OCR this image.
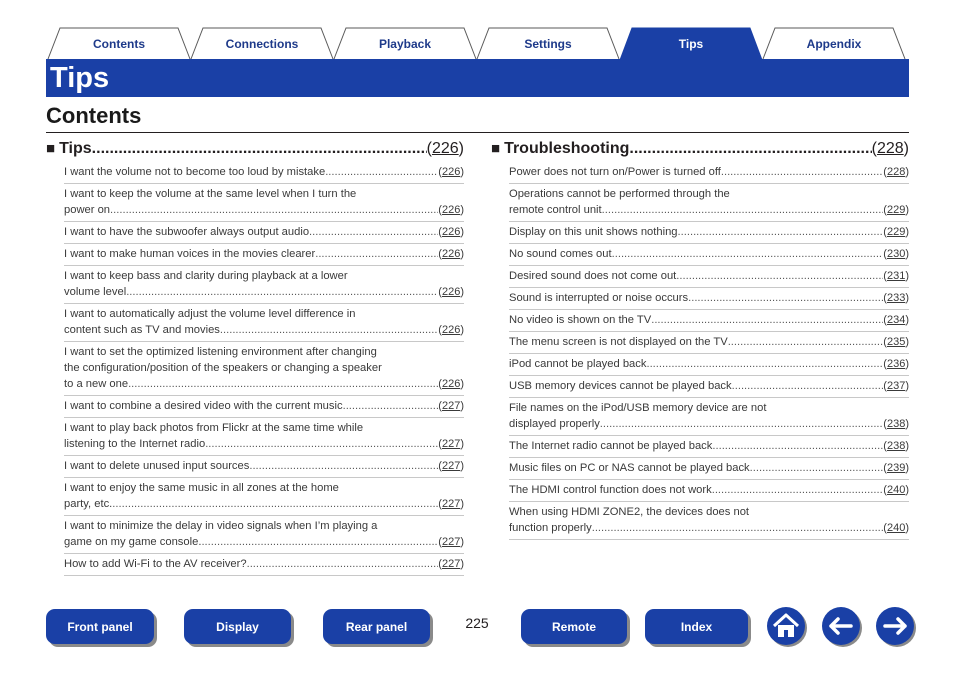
Contents	Connections	Playback	Settings	Tips	Appendix
Tips
Contents
■ Tips .....	(226)
I want the volume not to become too loud by mistake .....	(226)
I want to keep the volume at the same level when I turn the
power on .....	(226)
I want to have the subwoofer always output audio .....	(226)
I want to make human voices in the movies clearer .....	(226)
I want to keep bass and clarity during playback at a lower
volume level .....	(226)
I want to automatically adjust the volume level difference in
content such as TV and movies .....	(226)
I want to set the optimized listening environment after changing
the configuration/position of the speakers or changing a speaker
to a new one .....	(226)
I want to combine a desired video with the current music .....	(227)
I want to play back photos from Flickr at the same time while
listening to the Internet radio .....	(227)
I want to delete unused input sources .....	(227)
I want to enjoy the same music in all zones at the home
party, etc. .....	(227)
I want to minimize the delay in video signals when I’m playing a
game on my game console. .....	(227)
How to add Wi-Fi to the AV receiver? .....	(227)
■ Troubleshooting .....	(228)
Power does not turn on/Power is turned off .....	(228)
Operations cannot be performed through the
remote control unit .....	(229)
Display on this unit shows nothing .....	(229)
No sound comes out .....	(230)
Desired sound does not come out .....	(231)
Sound is interrupted or noise occurs .....	(233)
No video is shown on the TV .....	(234)
The menu screen is not displayed on the TV .....	(235)
iPod cannot be played back .....	(236)
USB memory devices cannot be played back .....	(237)
File names on the iPod/USB memory device are not
displayed properly .....	(238)
The Internet radio cannot be played back .....	(238)
Music files on PC or NAS cannot be played back .....	(239)
The HDMI control function does not work .....	(240)
When using HDMI ZONE2, the devices does not
function properly .....	(240)
Front panel	Display	Rear panel	225	Remote	Index
